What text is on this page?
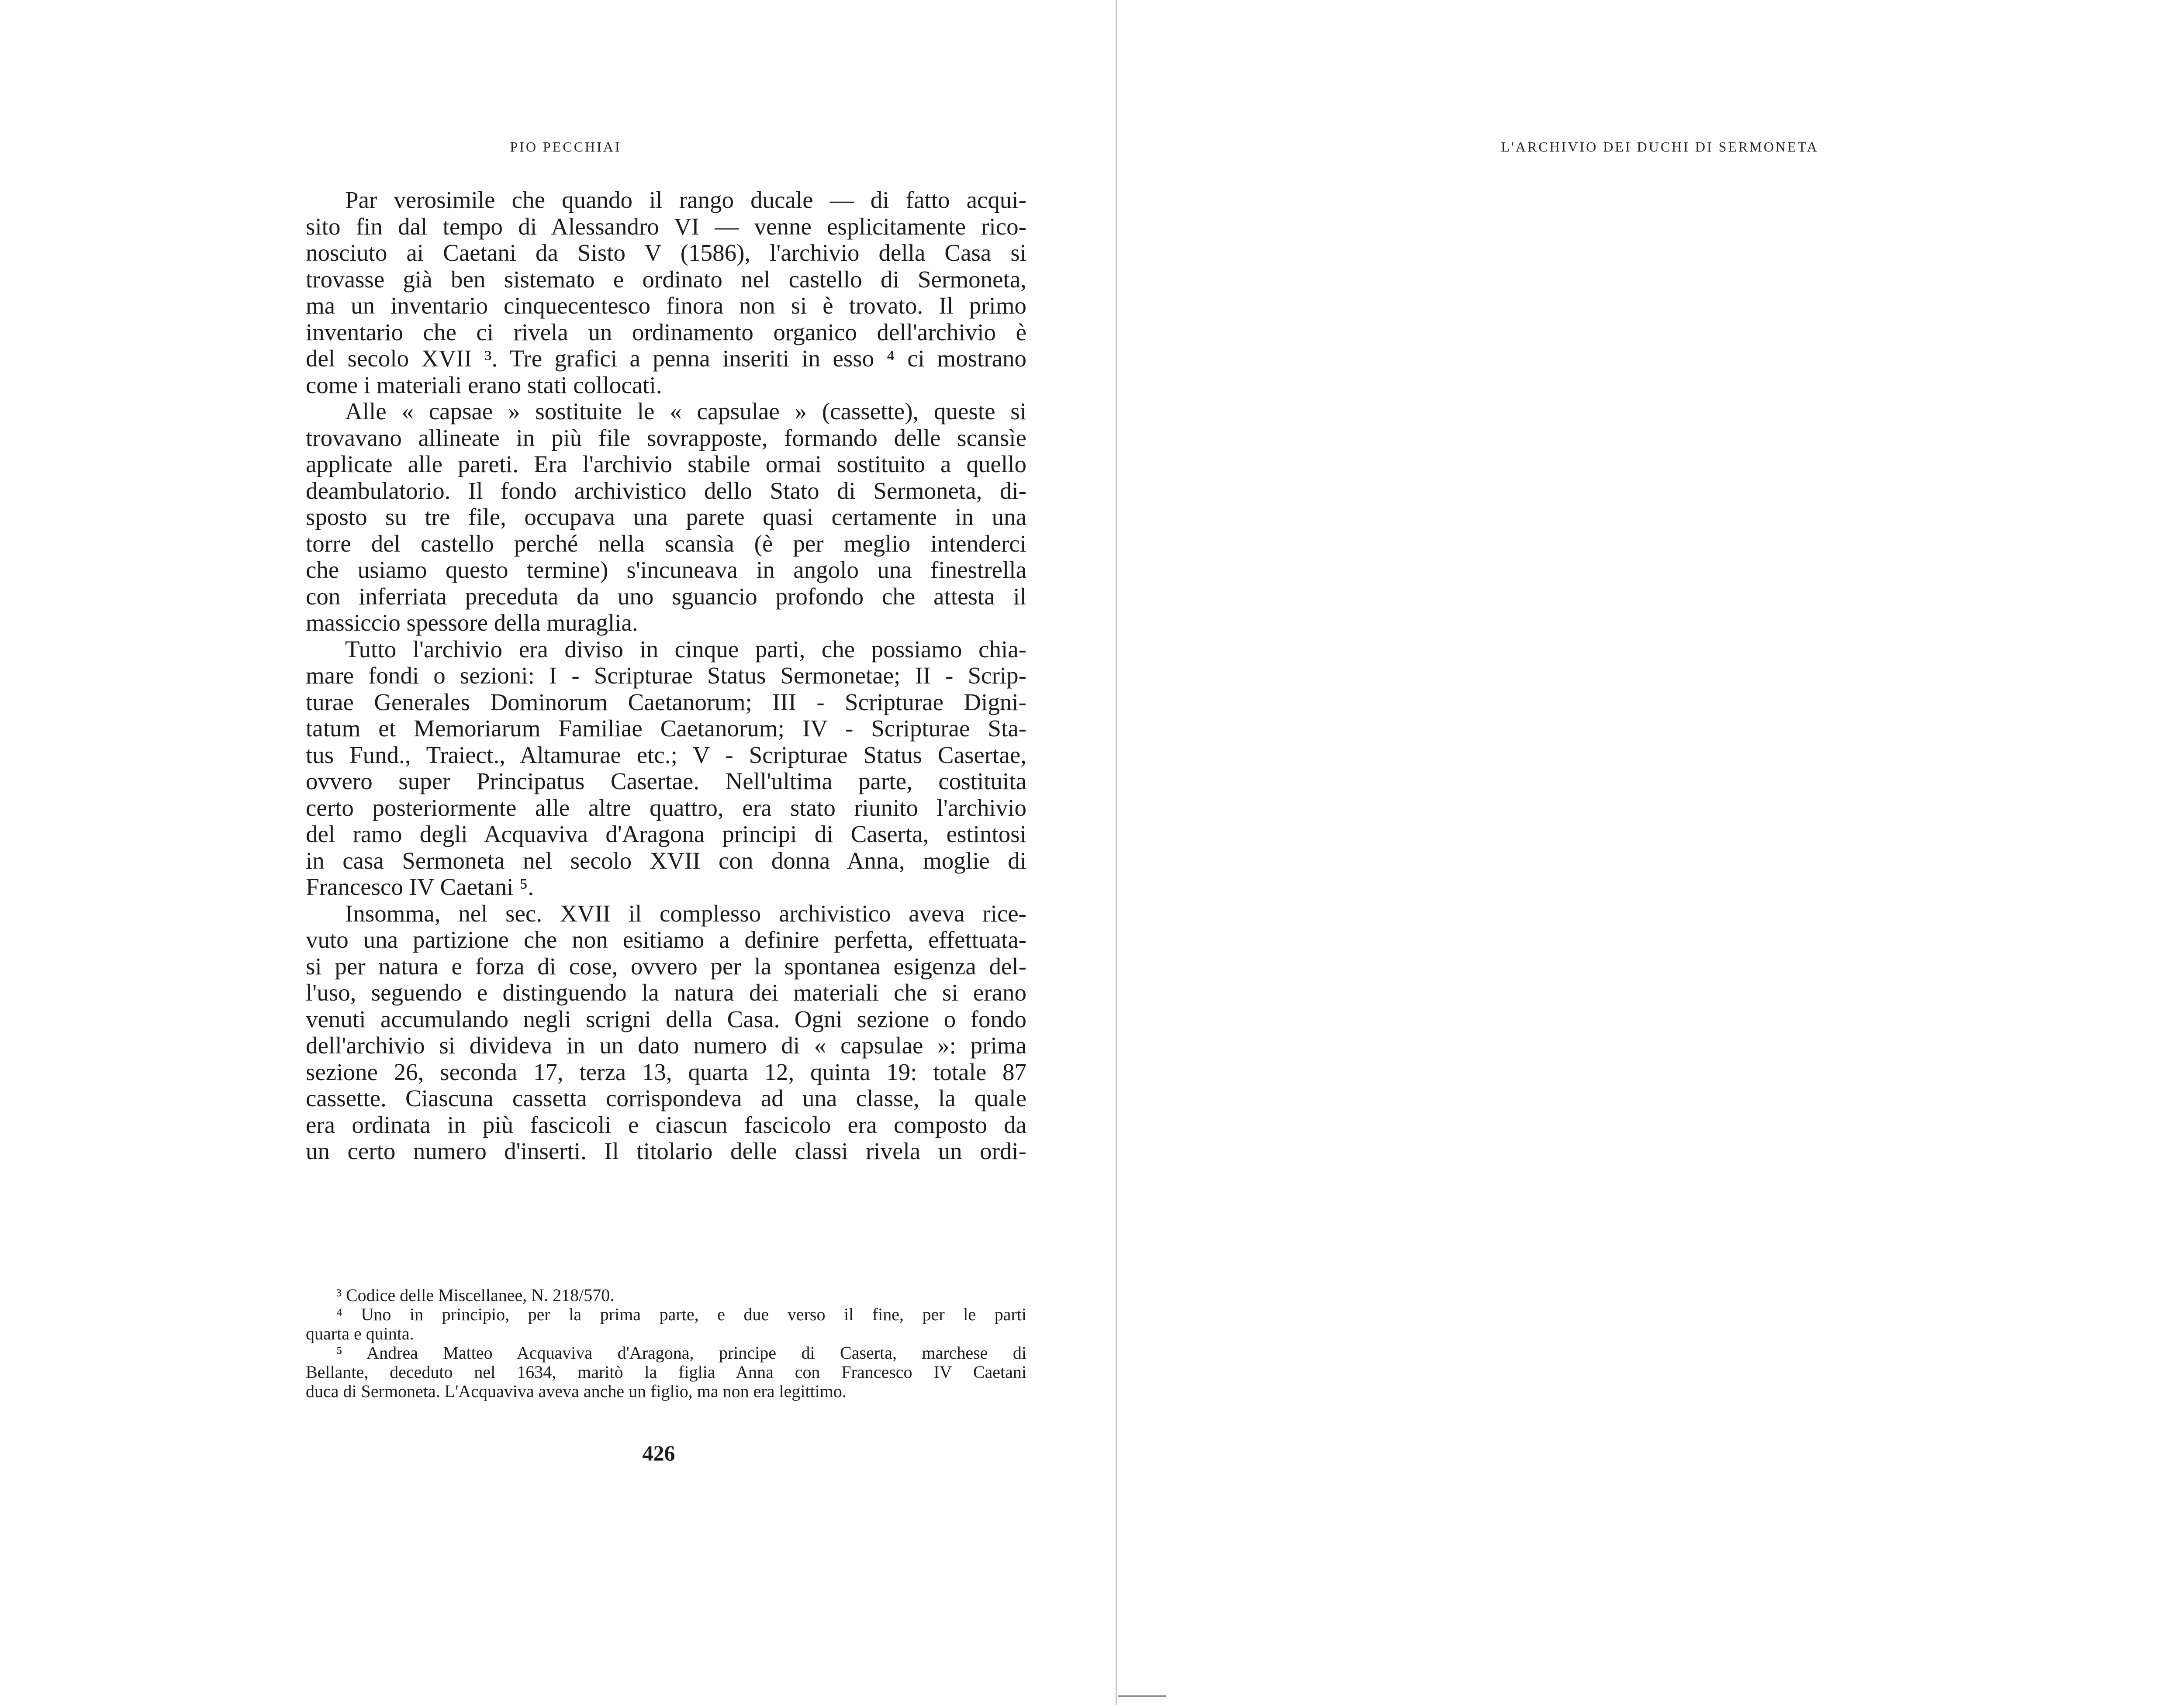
PIO PECCHIAI
Par verosimile che quando il rango ducale — di fatto acqui-
sito fin dal tempo di Alessandro VI — venne esplicitamente rico-
nosciuto ai Caetani da Sisto V (1586), l'archivio della Casa si
trovasse già ben sistemato e ordinato nel castello di Sermoneta,
ma un inventario cinquecentesco finora non si è trovato. Il primo
inventario che ci rivela un ordinamento organico dell'archivio è
del secolo XVII ³. Tre grafici a penna inseriti in esso ⁴ ci mostrano
come i materiali erano stati collocati.
Alle « capsae » sostituite le « capsulae » (cassette), queste si
trovavano allineate in più file sovrapposte, formando delle scansìe
applicate alle pareti. Era l'archivio stabile ormai sostituito a quello
deambulatorio. Il fondo archivistico dello Stato di Sermoneta, di-
sposto su tre file, occupava una parete quasi certamente in una
torre del castello perché nella scansìa (è per meglio intenderci
che usiamo questo termine) s'incuneava in angolo una finestrella
con inferriata preceduta da uno sguancio profondo che attesta il
massiccio spessore della muraglia.
Tutto l'archivio era diviso in cinque parti, che possiamo chia-
mare fondi o sezioni: I - Scripturae Status Sermonetae; II - Scrip-
turae Generales Dominorum Caetanorum; III - Scripturae Digni-
tatum et Memoriarum Familiae Caetanorum; IV - Scripturae Sta-
tus Fund., Traiect., Altamurae etc.; V - Scripturae Status Casertae,
ovvero super Principatus Casertae. Nell'ultima parte, costituita
certo posteriormente alle altre quattro, era stato riunito l'archivio
del ramo degli Acquaviva d'Aragona principi di Caserta, estintosi
in casa Sermoneta nel secolo XVII con donna Anna, moglie di
Francesco IV Caetani ⁵.
Insomma, nel sec. XVII il complesso archivistico aveva rice-
vuto una partizione che non esitiamo a definire perfetta, effettuata-
si per natura e forza di cose, ovvero per la spontanea esigenza del-
l'uso, seguendo e distinguendo la natura dei materiali che si erano
venuti accumulando negli scrigni della Casa. Ogni sezione o fondo
dell'archivio si divideva in un dato numero di « capsulae »: prima
sezione 26, seconda 17, terza 13, quarta 12, quinta 19: totale 87
cassette. Ciascuna cassetta corrispondeva ad una classe, la quale
era ordinata in più fascicoli e ciascun fascicolo era composto da
un certo numero d'inserti. Il titolario delle classi rivela un ordi-
³ Codice delle Miscellanee, N. 218/570.
⁴ Uno in principio, per la prima parte, e due verso il fine, per le parti
quarta e quinta.
⁵ Andrea Matteo Acquaviva d'Aragona, principe di Caserta, marchese di
Bellante, deceduto nel 1634, maritò la figlia Anna con Francesco IV Caetani
duca di Sermoneta. L'Acquaviva aveva anche un figlio, ma non era legittimo.
426
L'ARCHIVIO DEI DUCHI DI SERMONETA
